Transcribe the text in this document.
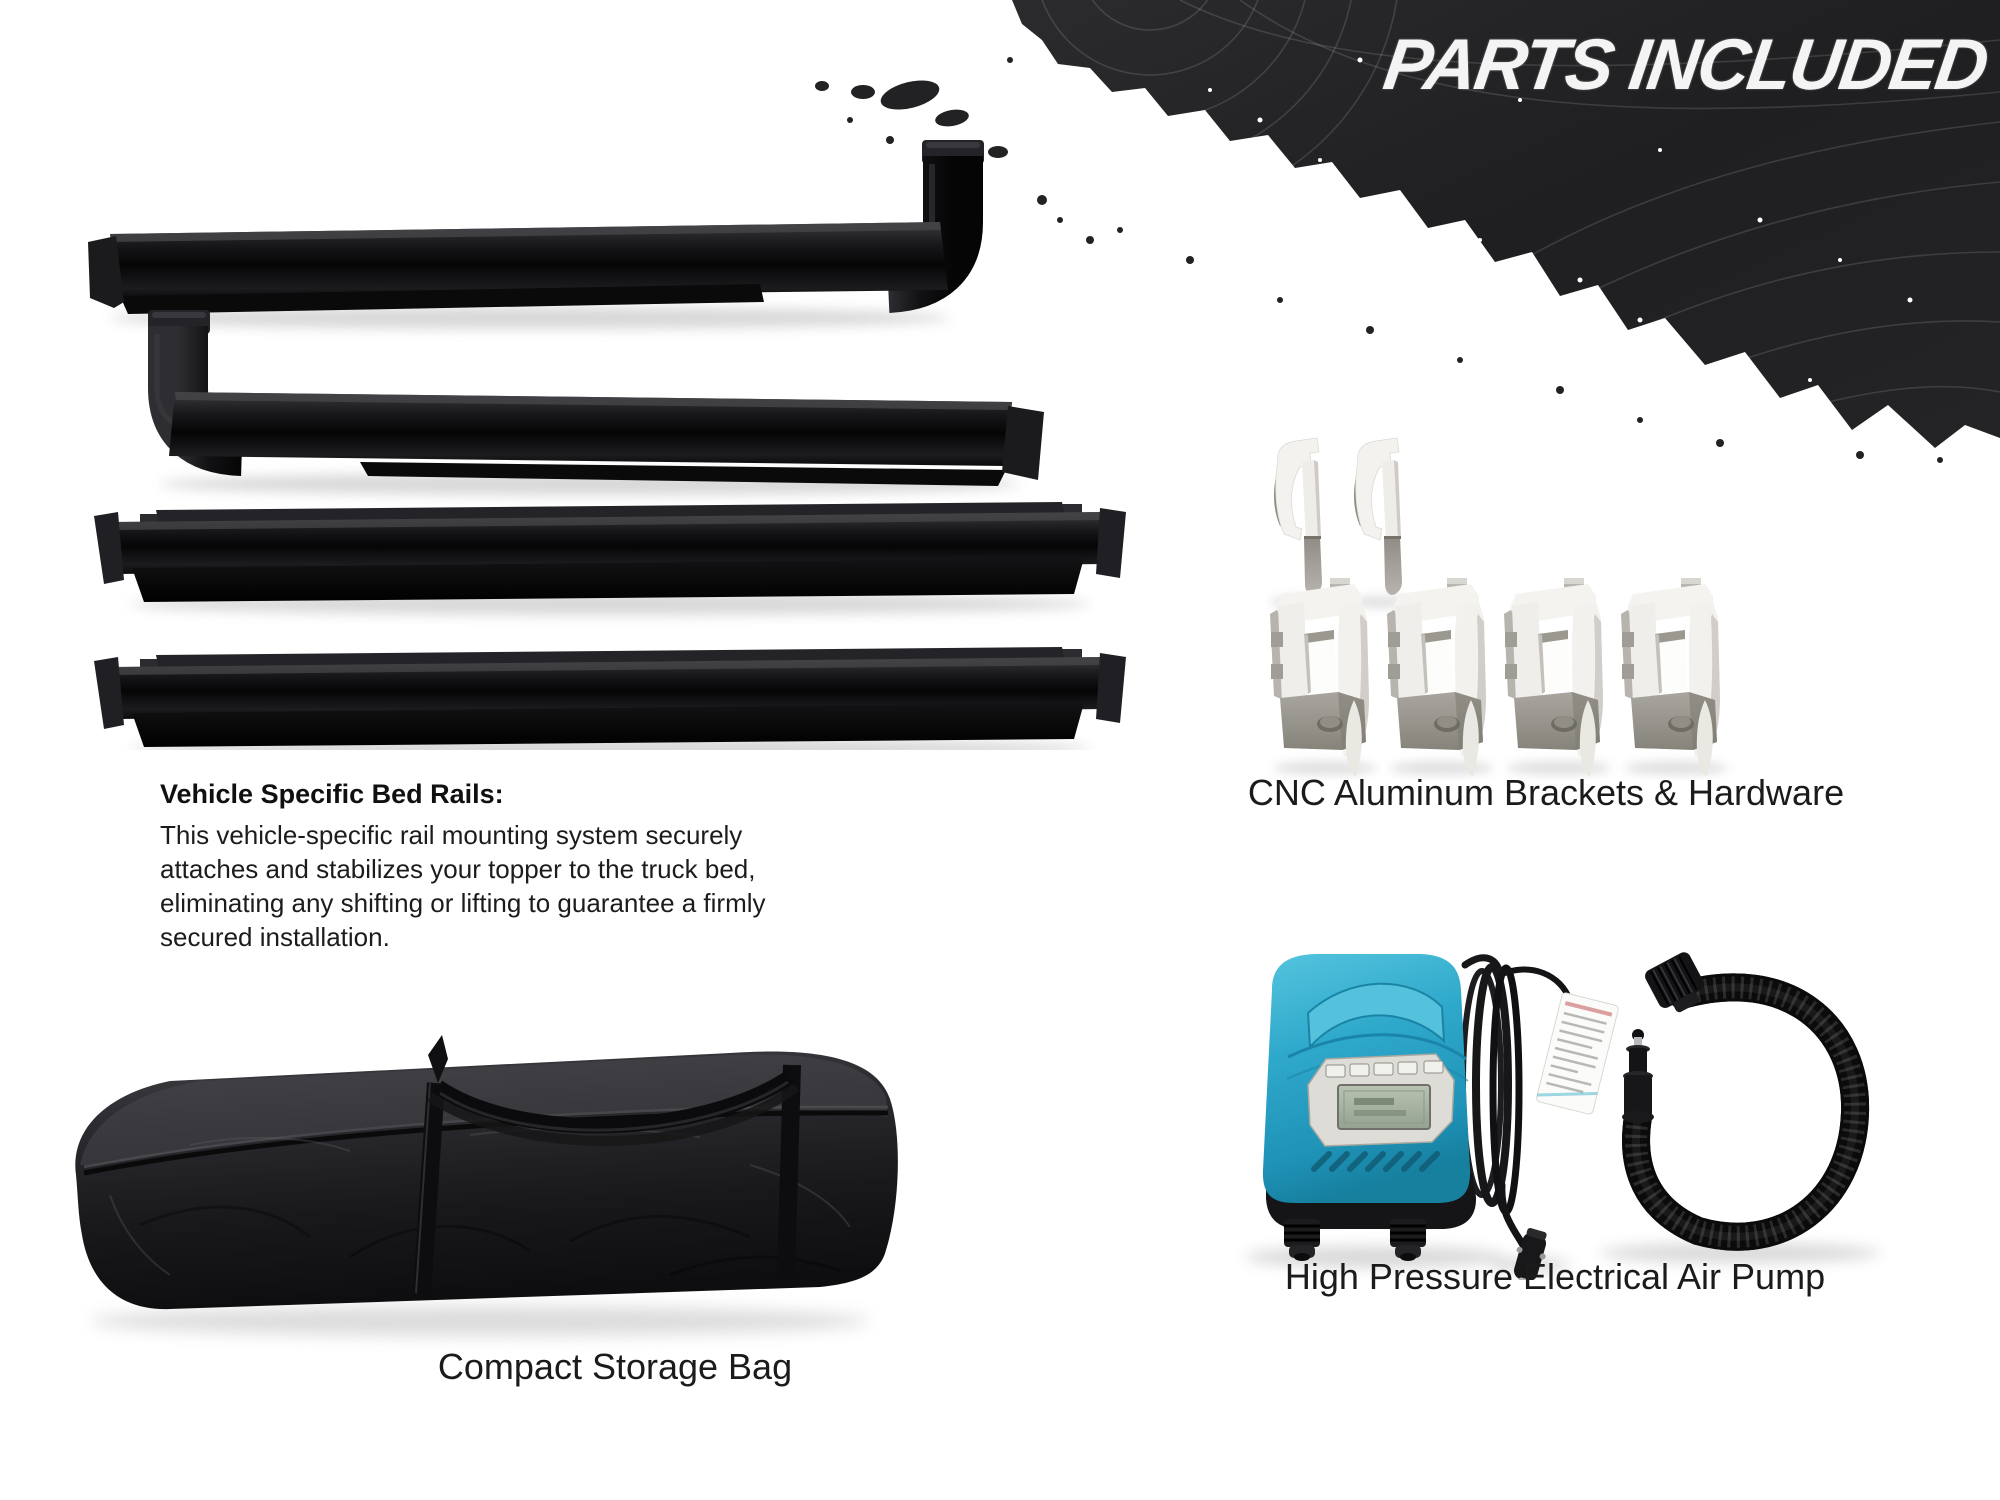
PARTS INCLUDED
Vehicle Specific Bed Rails:
This vehicle-specific rail mounting system securely
attaches and stabilizes your topper to the truck bed,
eliminating any shifting or lifting to guarantee a firmly
secured installation.
CNC Aluminum Brackets & Hardware
Compact Storage Bag
High Pressure Electrical Air Pump
